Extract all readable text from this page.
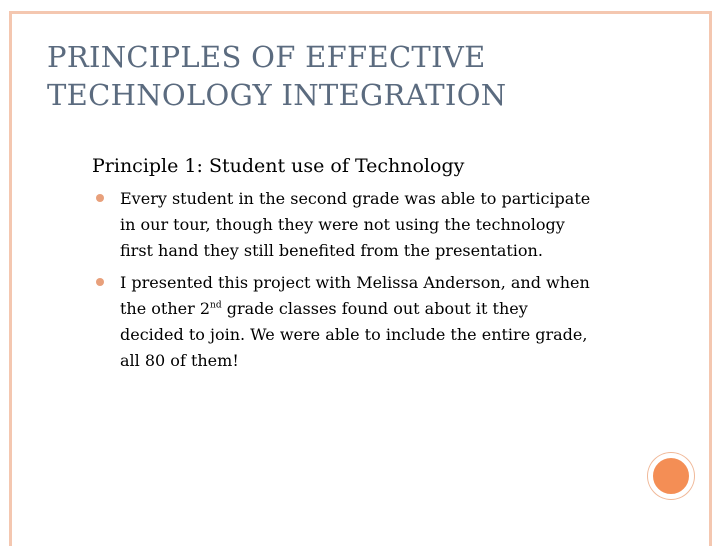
PRINCIPLES OF EFFECTIVE TECHNOLOGY INTEGRATION

Principle 1: Student use of Technology

Every student in the second grade was able to participate in our tour, though they were not using the technology first hand they still benefited from the presentation.
I presented this project with Melissa Anderson, and when the other 2nd grade classes found out about it they decided to join. We were able to include the entire grade, all 80 of them!
